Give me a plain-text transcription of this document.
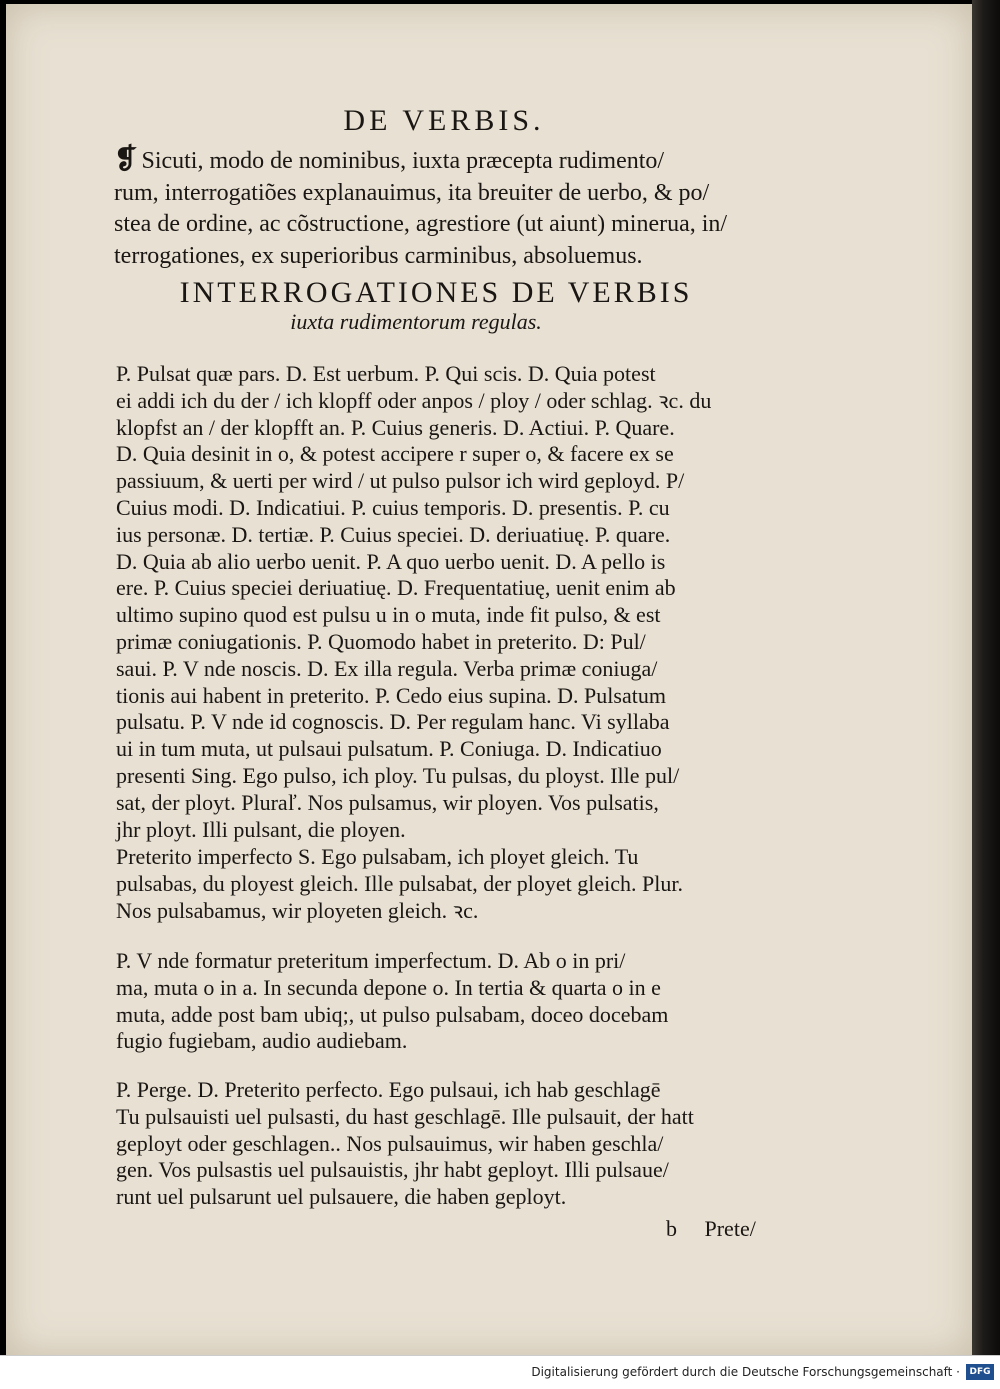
DE VERBIS.
❡ Sicuti, modo de nominibus, iuxta præcepta rudimento/
rum, interrogatiões explanauimus, ita breuiter de uerbo, & po/
stea de ordine, ac cõstructione, agrestiore (ut aiunt) minerua, in/
terrogationes, ex superioribus carminibus, absoluemus.
INTERROGATIONES DE VERBIS
iuxta rudimentorum regulas.
P. Pulsat quæ pars. D. Est uerbum. P. Qui scis. D. Quia potest
ei addi ich du der / ich klopff oder anpos / ploy / oder schlag. ꝛc. du
klopfst an / der klopfft an. P. Cuius generis. D. Actiui. P. Quare.
D. Quia desinit in o, & potest accipere r super o, & facere ex se
passiuum, & uerti per wird / ut pulso pulsor ich wird geployd. P/
Cuius modi. D. Indicatiui. P. cuius temporis. D. presentis. P. cu
ius personæ. D. tertiæ. P. Cuius speciei. D. deriuatiuę. P. quare.
D. Quia ab alio uerbo uenit. P. A quo uerbo uenit. D. A pello is
ere. P. Cuius speciei deriuatiuę. D. Frequentatiuę, uenit enim ab
ultimo supino quod est pulsu u in o muta, inde fit pulso, & est
primæ coniugationis. P. Quomodo habet in preterito. D: Pul/
saui. P. V nde noscis. D. Ex illa regula. Verba primæ coniuga/
tionis aui habent in preterito. P. Cedo eius supina. D. Pulsatum
pulsatu. P. V nde id cognoscis. D. Per regulam hanc. Vi syllaba
ui in tum muta, ut pulsaui pulsatum. P. Coniuga. D. Indicatiuo
presenti Sing. Ego pulso, ich ploy. Tu pulsas, du ployst. Ille pul/
sat, der ployt. Pluraľ. Nos pulsamus, wir ployen. Vos pulsatis,
jhr ployt. Illi pulsant, die ployen.
Preterito imperfecto S. Ego pulsabam, ich ployet gleich. Tu
pulsabas, du ployest gleich. Ille pulsabat, der ployet gleich. Plur.
Nos pulsabamus, wir ployeten gleich. ꝛc.
P. V nde formatur preteritum imperfectum. D. Ab o in pri/
ma, muta o in a. In secunda depone o. In tertia & quarta o in e
muta, adde post bam ubiq;, ut pulso pulsabam, doceo docebam
fugio fugiebam, audio audiebam.
P. Perge. D. Preterito perfecto. Ego pulsaui, ich hab geschlagē
Tu pulsauisti uel pulsasti, du hast geschlagē. Ille pulsauit, der hatt
geployt oder geschlagen.. Nos pulsauimus, wir haben geschla/
gen. Vos pulsastis uel pulsauistis, jhr habt geployt. Illi pulsaue/
runt uel pulsarunt uel pulsauere, die haben geployt.
b Prete/
Digitalisierung gefördert durch die Deutsche Forschungsgemeinschaft ·	DFG
